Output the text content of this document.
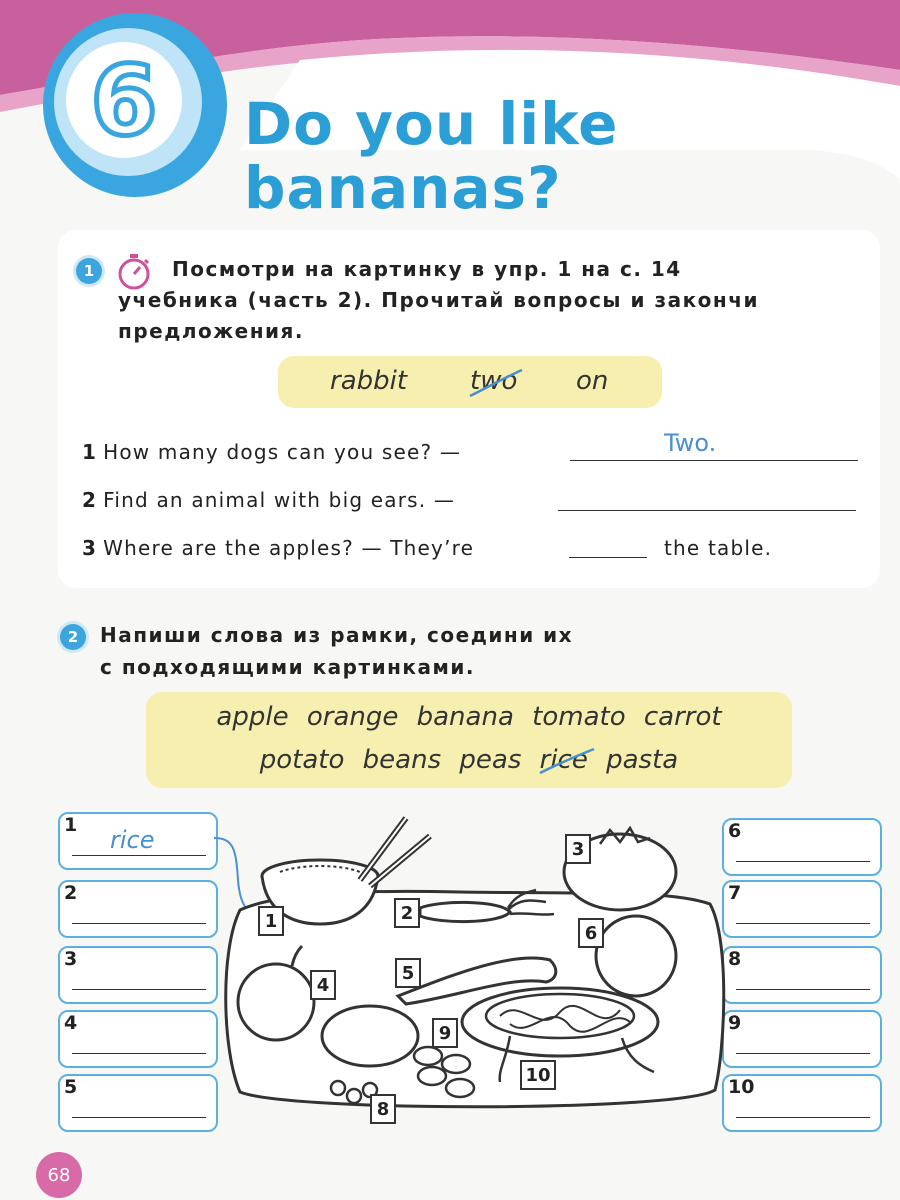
6 Do you like
bananas?
1	Посмотри на картинку в упр. 1 на с. 14

учебника (часть 2). Прочитай вопросы и закончи

предложения.

rabbit two on
1 How many dogs can you see? —	Two.
2 Find an animal with big ears. —
3 Where are the apples? — They’re	the table.
2	Напиши слова из рамки, соедини их

с подходящими картинками.

apple orange banana tomato carrot
potato beans peas rice pasta
1
rice
2
3
4
5
6
7
8
9
10
1	2
3
4
5
6
8
9
10
68
